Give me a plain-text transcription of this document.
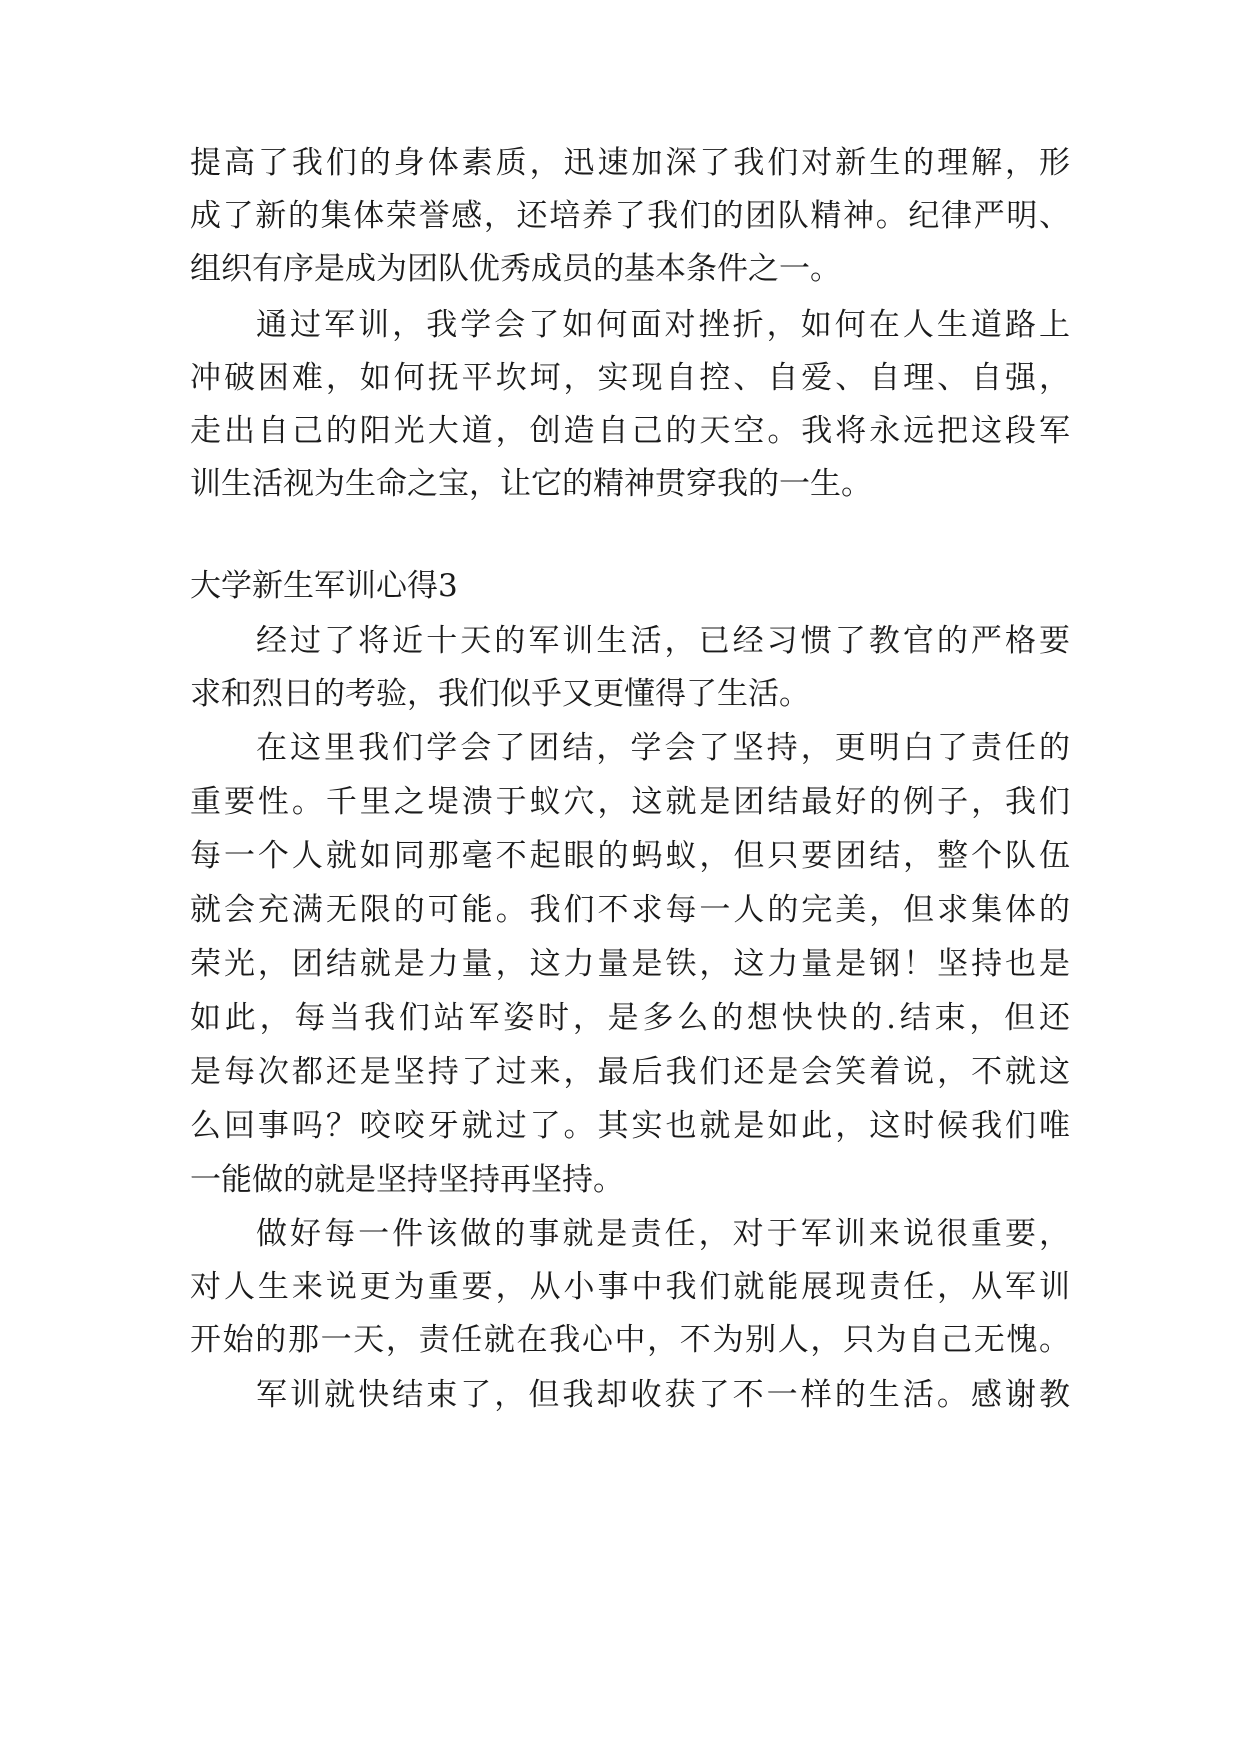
提高了我们的身体素质，迅速加深了我们对新生的理解，形
成了新的集体荣誉感，还培养了我们的团队精神。纪律严明、
组织有序是成为团队优秀成员的基本条件之一。
通过军训，我学会了如何面对挫折，如何在人生道路上
冲破困难，如何抚平坎坷，实现自控、自爱、自理、自强，
走出自己的阳光大道，创造自己的天空。我将永远把这段军
训生活视为生命之宝，让它的精神贯穿我的一生。
大学新生军训心得3
经过了将近十天的军训生活，已经习惯了教官的严格要
求和烈日的考验，我们似乎又更懂得了生活。
在这里我们学会了团结，学会了坚持，更明白了责任的
重要性。千里之堤溃于蚁穴，这就是团结最好的例子，我们
每一个人就如同那毫不起眼的蚂蚁，但只要团结，整个队伍
就会充满无限的可能。我们不求每一人的完美，但求集体的
荣光，团结就是力量，这力量是铁，这力量是钢！坚持也是
如此，每当我们站军姿时，是多么的想快快的.结束，但还
是每次都还是坚持了过来，最后我们还是会笑着说，不就这
么回事吗？咬咬牙就过了。其实也就是如此，这时候我们唯
一能做的就是坚持坚持再坚持。
做好每一件该做的事就是责任，对于军训来说很重要，
对人生来说更为重要，从小事中我们就能展现责任，从军训
开始的那一天，责任就在我心中，不为别人，只为自己无愧。
军训就快结束了，但我却收获了不一样的生活。感谢教
